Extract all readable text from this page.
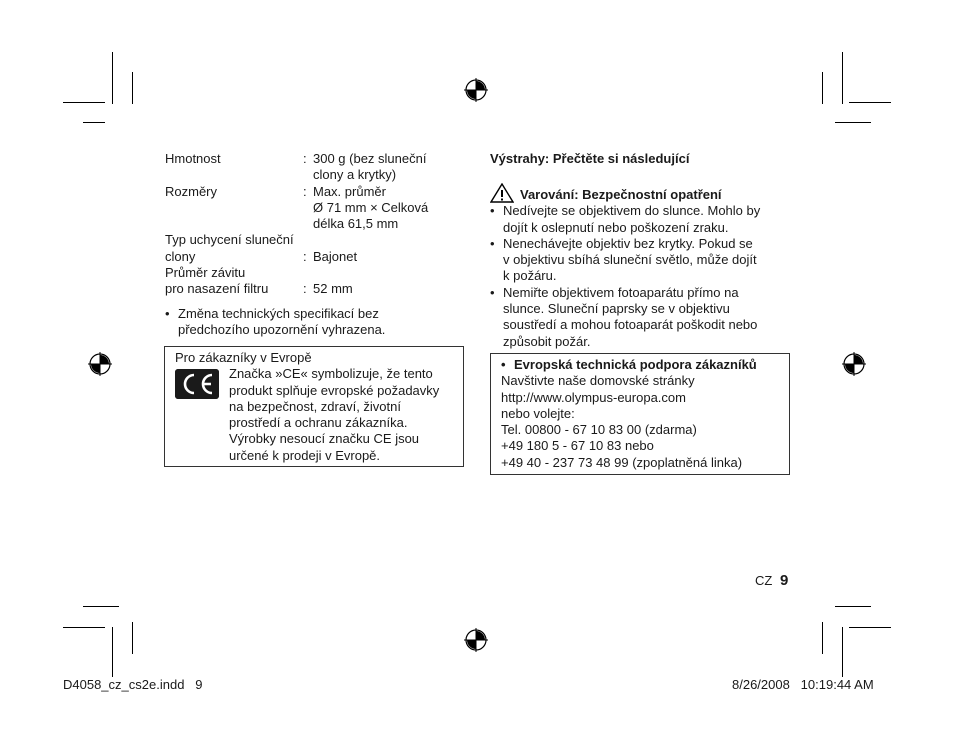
Hmotnost	: 300 g (bez sluneční
clony a krytky)
Rozměry	: Max. průměr
Ø 71 mm × Celková
délka 61,5 mm
Typ uchycení sluneční
clony	: Bajonet
Průměr závitu
pro nasazení filtru	: 52 mm
• Změna technických specifikací bez
předchozího upozornění vyhrazena.
Pro zákazníky v Evropě
Značka »CE« symbolizuje, že tento
produkt splňuje evropské požadavky
na bezpečnost, zdraví, životní
prostředí a ochranu zákazníka.
Výrobky nesoucí značku CE jsou
určené k prodeji v Evropě.
Výstrahy: Přečtěte si následující
Varování: Bezpečnostní opatření
• Nedívejte se objektivem do slunce. Mohlo by
dojít k oslepnutí nebo poškození zraku.
• Nenechávejte objektiv bez krytky. Pokud se
v objektivu sbíhá sluneční světlo, může dojít
k požáru.
• Nemiřte objektivem fotoaparátu přímo na
slunce. Sluneční paprsky se v objektivu
soustředí a mohou fotoaparát poškodit nebo
způsobit požár.
• Evropská technická podpora zákazníků
Navštivte naše domovské stránky
http://www.olympus-europa.com
nebo volejte:
Tel. 00800 - 67 10 83 00 (zdarma)
+49 180 5 - 67 10 83 nebo
+49 40 - 237 73 48 99 (zpoplatněná linka)
CZ 9
D4058_cz_cs2e.indd   9	8/26/2008   10:19:44 AM
